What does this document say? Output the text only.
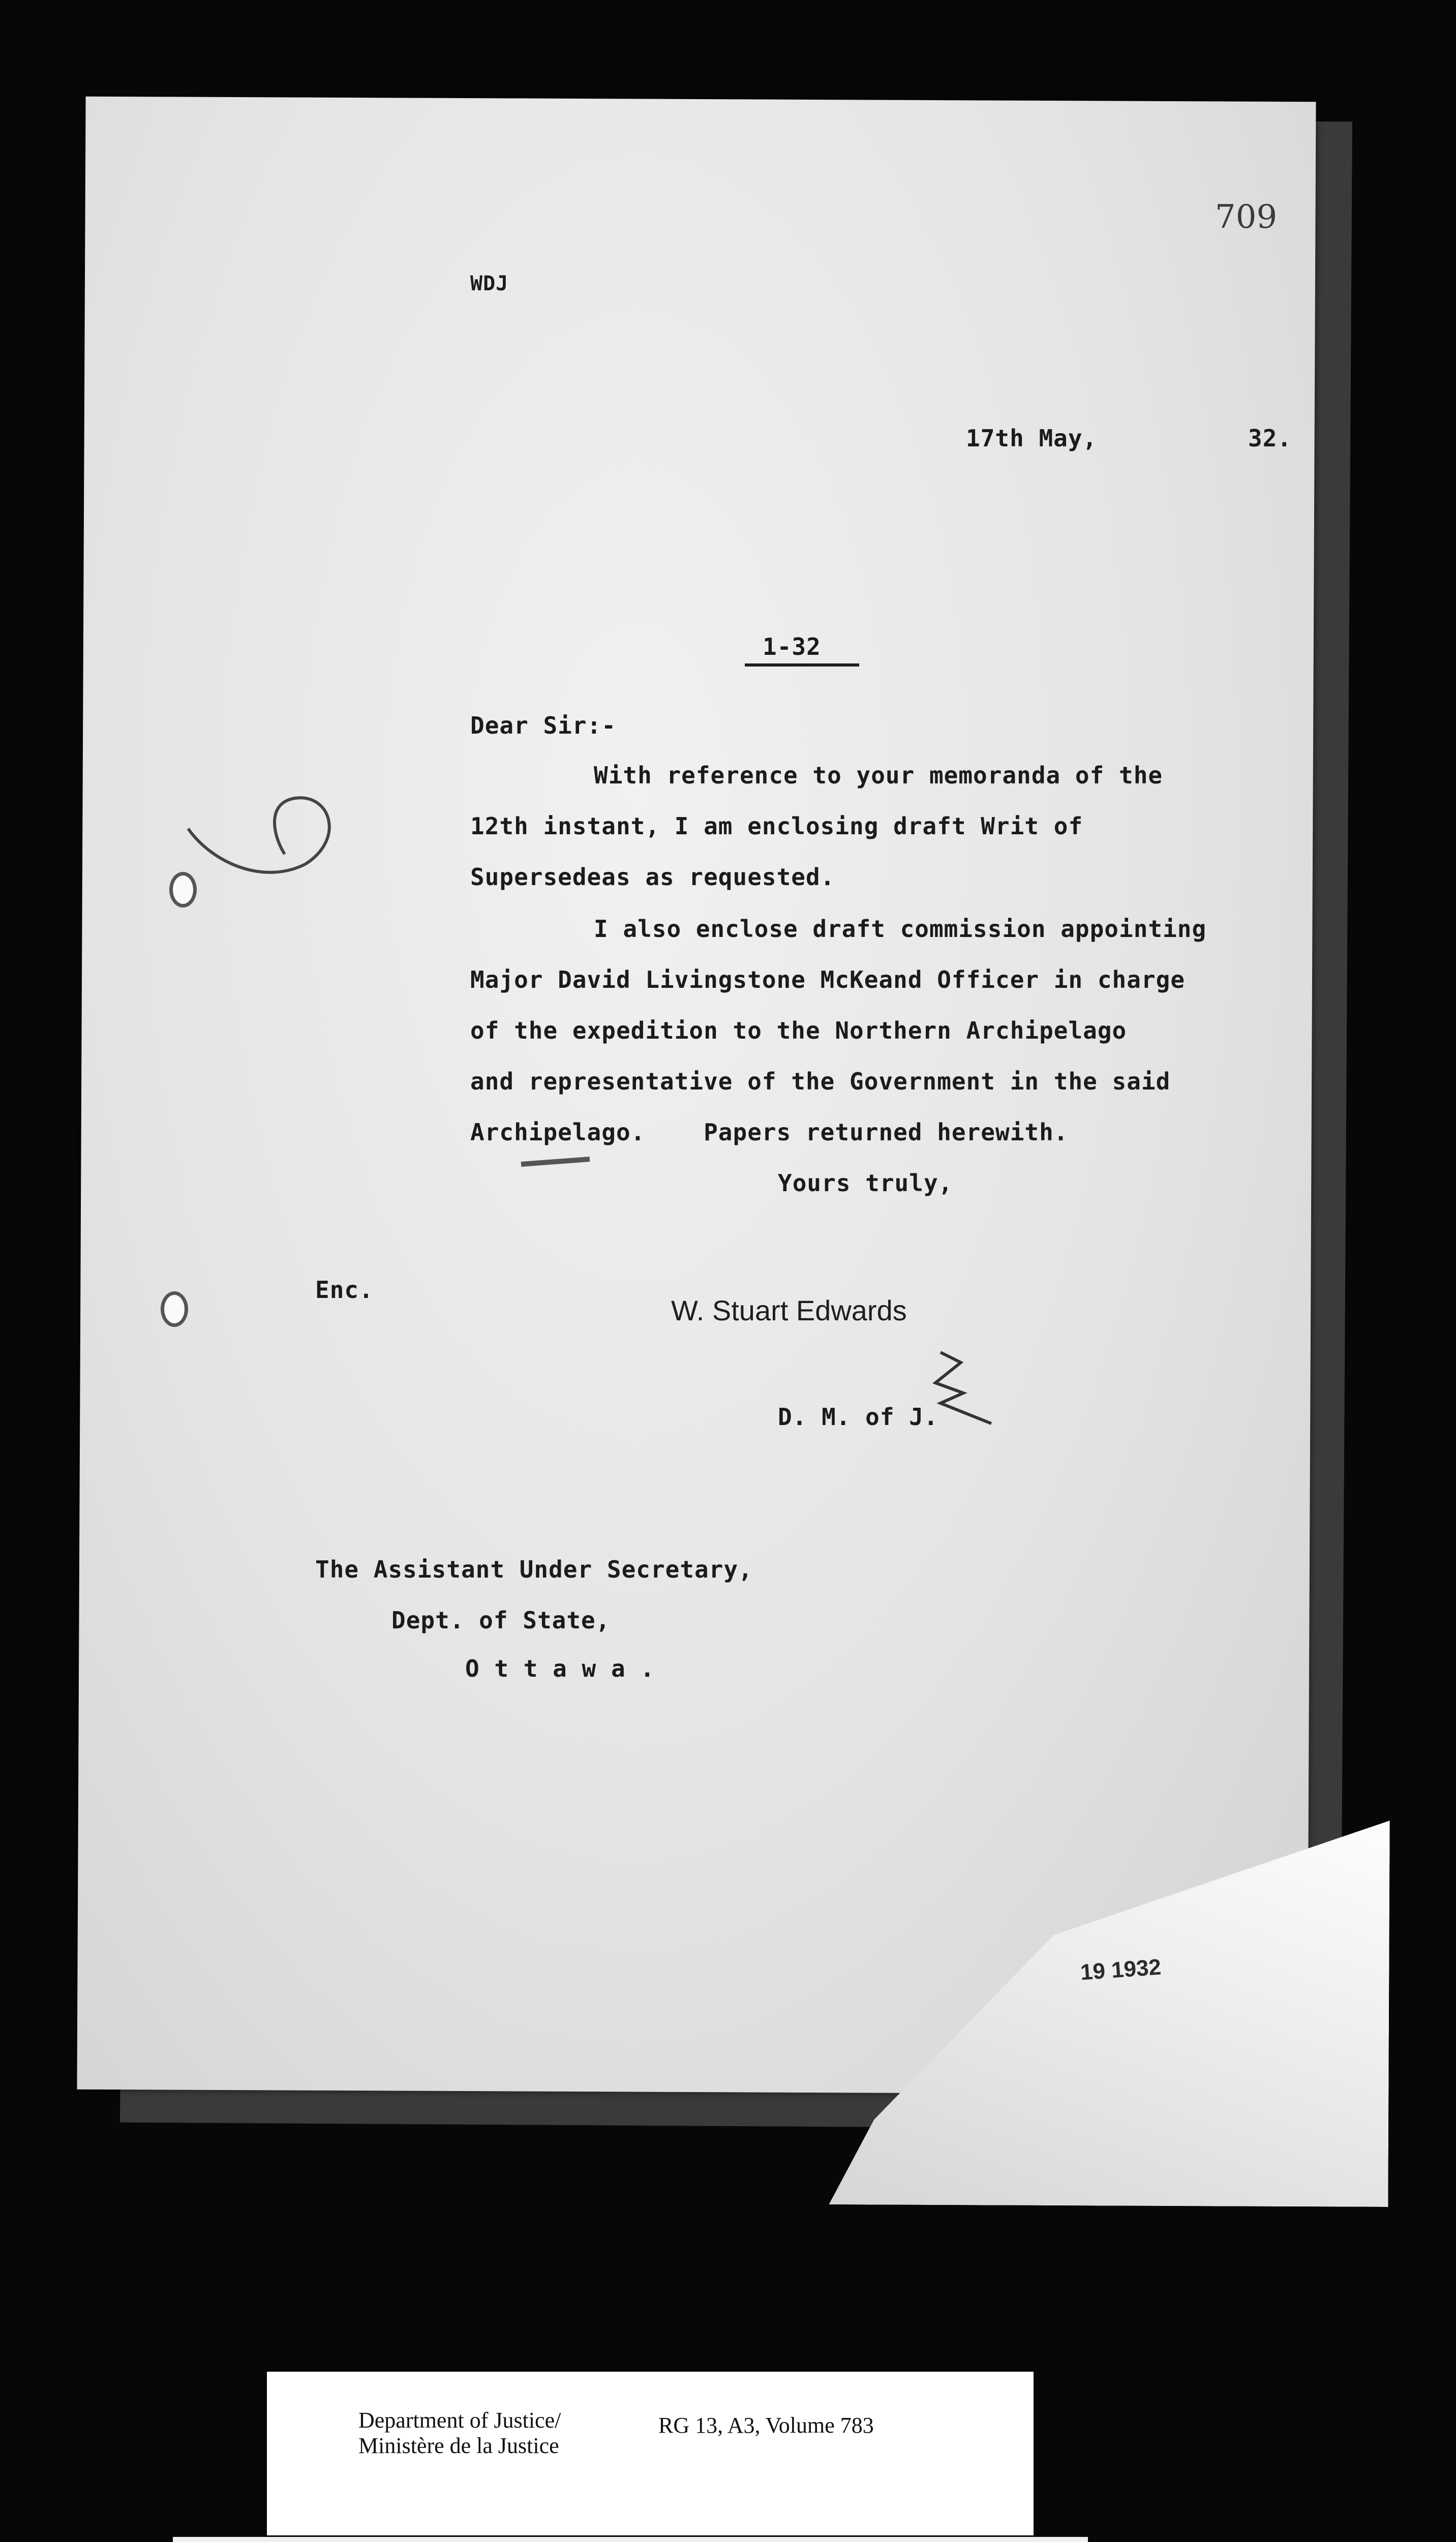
709
WDJ
17th May,	32.
1-32
Dear Sir:-
With reference to your memoranda of the
12th instant, I am enclosing draft Writ of
Supersedeas as requested.
I also enclose draft commission appointing
Major David Livingstone McKeand Officer in charge
of the expedition to the Northern Archipelago
and representative of the Government in the said
Archipelago.    Papers returned herewith.
Yours truly,
Enc.
W. Stuart Edwards
D. M. of J.
The Assistant Under Secretary,
Dept. of State,
O t t a w a .
19 1932
Department of Justice/
Ministère de la Justice
RG 13, A3, Volume 783
